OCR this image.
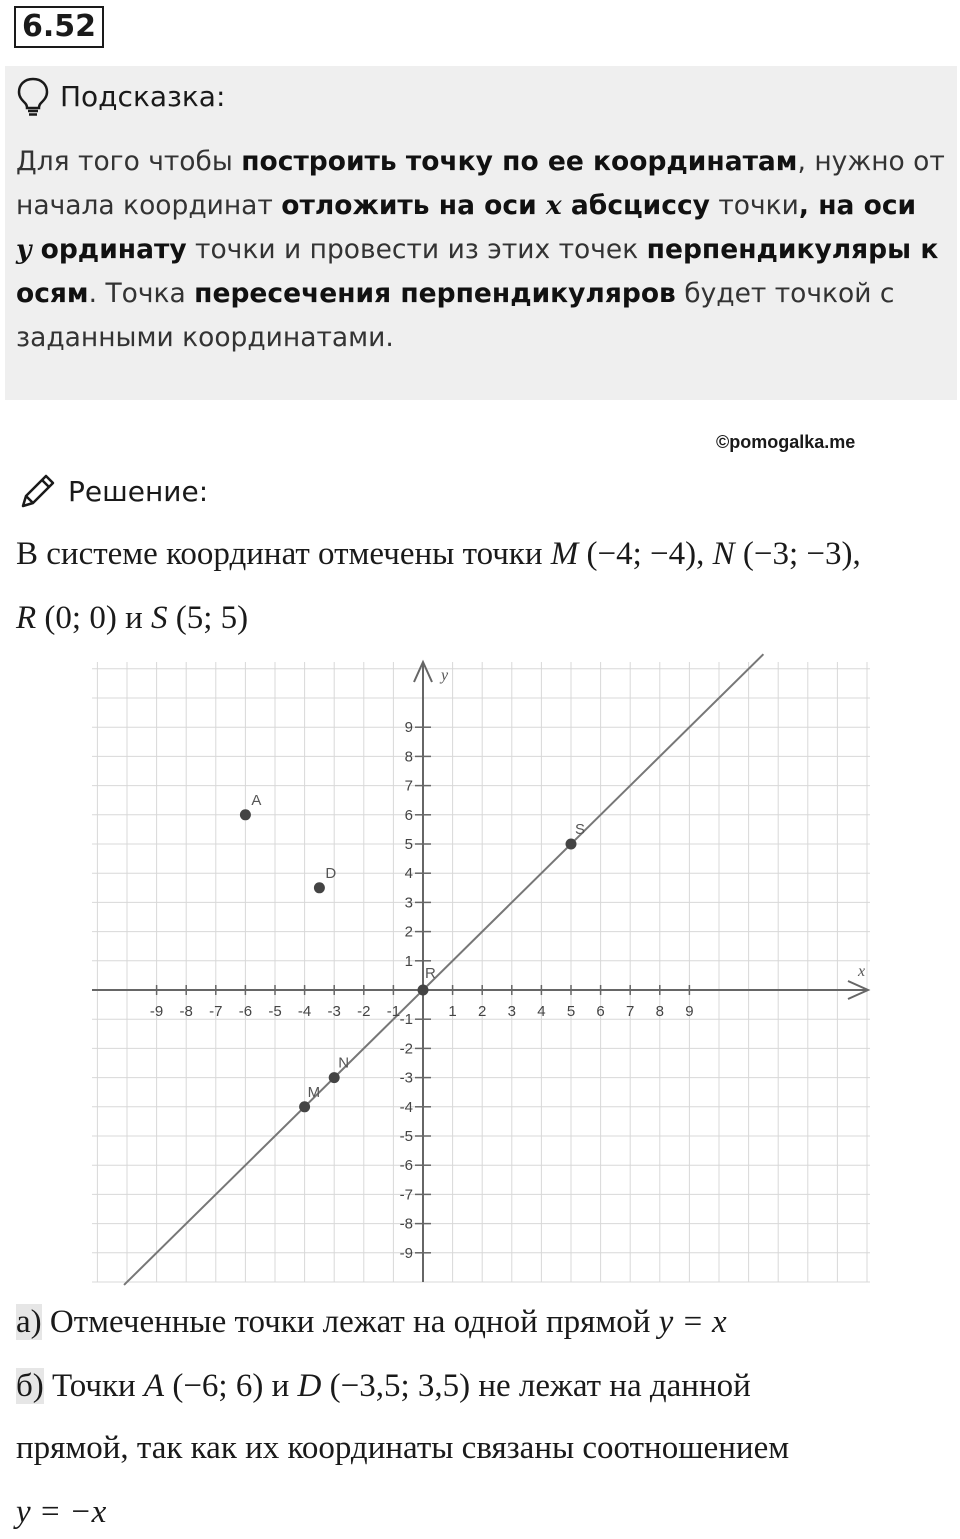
6.52
Подсказка:
Для того чтобы построить точку по ее координатам, нужно от начала координат отложить на оси x абсциссу точки, на оси
y ординату точки и провести из этих точек перпендикуляры к осям. Точка пересечения перпендикуляров будет точкой с заданными координатами.
©pomogalka.me
Решение:
В системе координат отмечены точки M (−4; −4), N (−3; −3),
R (0; 0) и S (5; 5)
x
y
-9 -8 -7 -6 -5 -4 -3 -2 -1	1 2 3 4 5 6 7 8 9
9
8
7
6
5
4
3
2
1
-1
-2
-3
-4
-5
-6
-7
-8
-9
A
D
S
R
N
M
а) Отмеченные точки лежат на одной прямой y = x
б) Точки A (−6; 6) и D (−3,5; 3,5) не лежат на данной
прямой, так как их координаты связаны соотношением
y = −x
